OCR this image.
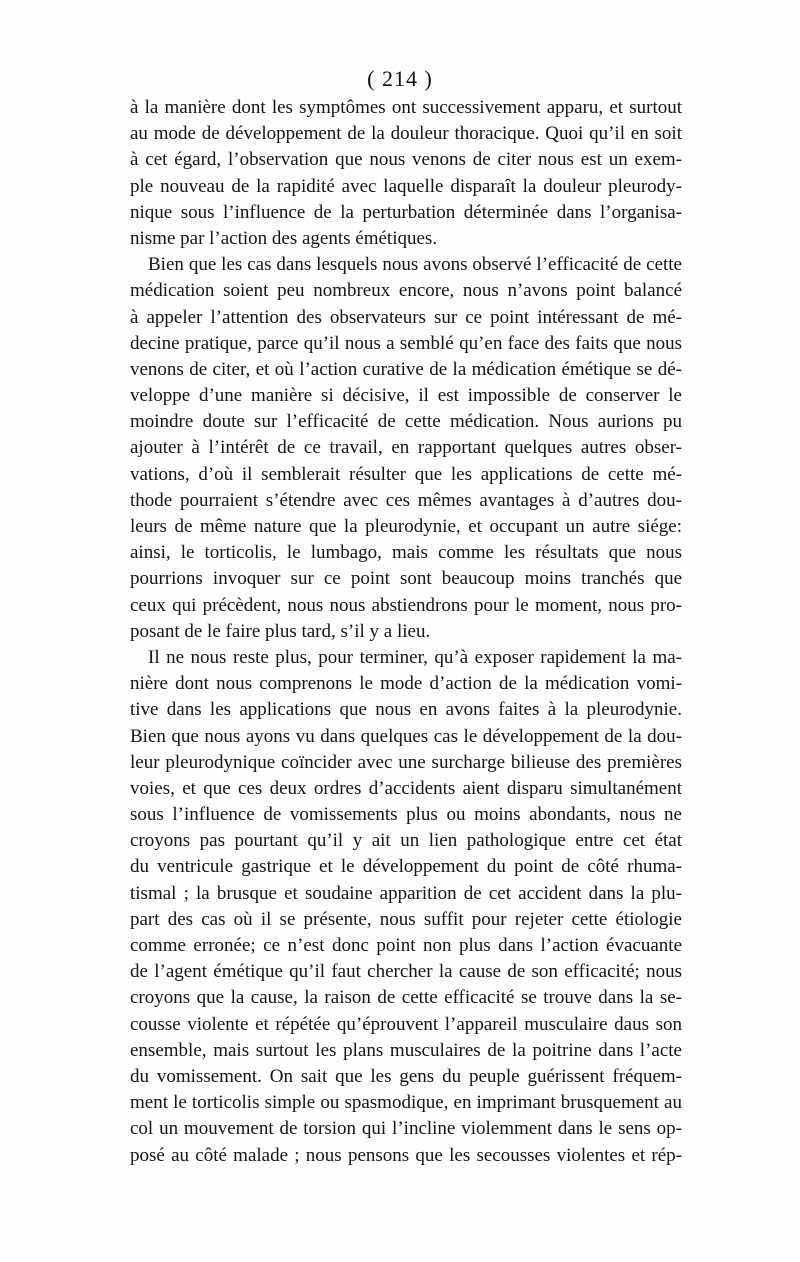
( 214 )
à la manière dont les symptômes ont successivement apparu, et surtout
au mode de développement de la douleur thoracique. Quoi qu’il en soit
à cet égard, l’observation que nous venons de citer nous est un exem-
ple nouveau de la rapidité avec laquelle disparaît la douleur pleurody-
nique sous l’influence de la perturbation déterminée dans l’organisa-
nisme par l’action des agents émétiques.
Bien que les cas dans lesquels nous avons observé l’efficacité de cette
médication soient peu nombreux encore, nous n’avons point balancé
à appeler l’attention des observateurs sur ce point intéressant de mé-
decine pratique, parce qu’il nous a semblé qu’en face des faits que nous
venons de citer, et où l’action curative de la médication émétique se dé-
veloppe d’une manière si décisive, il est impossible de conserver le
moindre doute sur l’efficacité de cette médication. Nous aurions pu
ajouter à l’intérêt de ce travail, en rapportant quelques autres obser-
vations, d’où il semblerait résulter que les applications de cette mé-
thode pourraient s’étendre avec ces mêmes avantages à d’autres dou-
leurs de même nature que la pleurodynie, et occupant un autre siége:
ainsi, le torticolis, le lumbago, mais comme les résultats que nous
pourrions invoquer sur ce point sont beaucoup moins tranchés que
ceux qui précèdent, nous nous abstiendrons pour le moment, nous pro-
posant de le faire plus tard, s’il y a lieu.
Il ne nous reste plus, pour terminer, qu’à exposer rapidement la ma-
nière dont nous comprenons le mode d’action de la médication vomi-
tive dans les applications que nous en avons faites à la pleurodynie.
Bien que nous ayons vu dans quelques cas le développement de la dou-
leur pleurodynique coïncider avec une surcharge bilieuse des premières
voies, et que ces deux ordres d’accidents aient disparu simultanément
sous l’influence de vomissements plus ou moins abondants, nous ne
croyons pas pourtant qu’il y ait un lien pathologique entre cet état
du ventricule gastrique et le développement du point de côté rhuma-
tismal ; la brusque et soudaine apparition de cet accident dans la plu-
part des cas où il se présente, nous suffit pour rejeter cette étiologie
comme erronée; ce n’est donc point non plus dans l’action évacuante
de l’agent émétique qu’il faut chercher la cause de son efficacité; nous
croyons que la cause, la raison de cette efficacité se trouve dans la se-
cousse violente et répétée qu’éprouvent l’appareil musculaire daus son
ensemble, mais surtout les plans musculaires de la poitrine dans l’acte
du vomissement. On sait que les gens du peuple guérissent fréquem-
ment le torticolis simple ou spasmodique, en imprimant brusquement au
col un mouvement de torsion qui l’incline violemment dans le sens op-
posé au côté malade ; nous pensons que les secousses violentes et rép-
